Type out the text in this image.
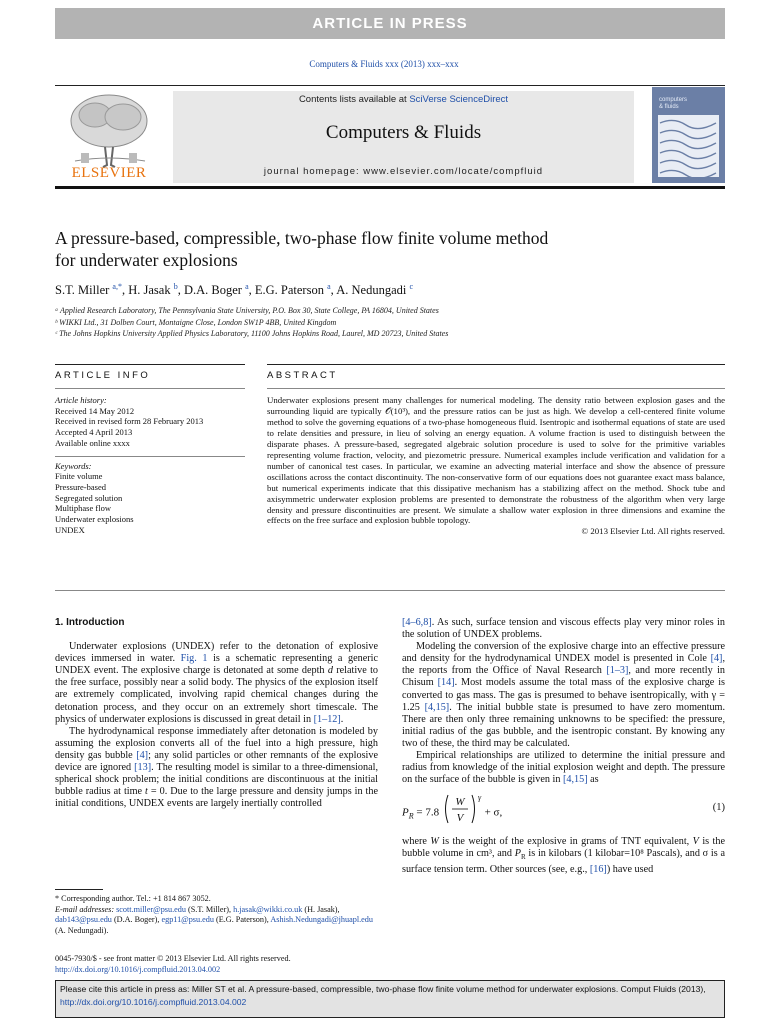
ARTICLE IN PRESS
Computers & Fluids xxx (2013) xxx–xxx
ELSEVIER
Contents lists available at SciVerse ScienceDirect
Computers & Fluids
journal homepage: www.elsevier.com/locate/compfluid
computers
& fluids
A pressure-based, compressible, two-phase flow finite volume method
for underwater explosions
S.T. Miller $^{a,*}$, H. Jasak $^b$, D.A. Boger $^a$, E.G. Paterson $^a$, A. Nedungadi $^c$
ᵃ Applied Research Laboratory, The Pennsylvania State University, P.O. Box 30, State College, PA 16804, United States
ᵇ WIKKI Ltd., 31 Dolben Court, Montaigne Close, London SW1P 4BB, United Kingdom
ᶜ The Johns Hopkins University Applied Physics Laboratory, 11100 Johns Hopkins Road, Laurel, MD 20723, United States
ARTICLE INFO	ABSTRACT
Article history:
Received 14 May 2012
Received in revised form 28 February 2013
Accepted 4 April 2013
Available online xxxx
Keywords:
Finite volume
Pressure-based
Segregated solution
Multiphase flow
Underwater explosions
UNDEX
Underwater explosions present many challenges for numerical modeling. The density ratio between explosion gases and the surrounding liquid are typically 𝒪(10³), and the pressure ratios can be just as high. We develop a cell-centered finite volume method to solve the governing equations of a two-phase homogeneous fluid. Isentropic and isothermal equations of state are used to relate densities and pressure, in lieu of solving an energy equation. A volume fraction is used to distinguish between the disparate phases. A pressure-based, segregated algebraic solution procedure is used to solve for the primitive variables representing volume fraction, velocity, and piezometric pressure. Numerical examples include verification and validation for a number of canonical test cases. In particular, we examine an advecting material interface and show the absence of pressure oscillations across the contact discontinuity. The non-conservative form of our equations does not guarantee exact mass balance, but numerical experiments indicate that this dissipative mechanism has a stabilizing affect on the method. Shock tube and axisymmetric underwater explosion problems are presented to demonstrate the robustness of the algorithm when very large density and pressure discontinuities are present. We simulate a shallow water explosion in three dimensions and examine the effects on the free surface and explosion bubble topology.
© 2013 Elsevier Ltd. All rights reserved.

1. Introduction

Underwater explosions (UNDEX) refer to the detonation of explosive devices immersed in water. Fig. 1 is a schematic representing a generic UNDEX event. The explosive charge is detonated at some depth d relative to the free surface, possibly near a solid body. The physics of the explosion itself are extremely complicated, involving rapid chemical changes during the detonation process, and they occur on an extremely short timescale. The physics of underwater explosions is discussed in great detail in [1–12].

The hydrodynamical response immediately after detonation is modeled by assuming the explosion converts all of the fuel into a high pressure, high density gas bubble [4]; any solid particles or other remnants of the explosive device are ignored [13]. The resulting model is similar to a three-dimensional, spherical shock problem; the initial conditions are discontinuous at the initial bubble radius at time t = 0. Due to the large pressure and density jumps in the initial conditions, UNDEX events are largely inertially controlled

[4–6,8]. As such, surface tension and viscous effects play very minor roles in the solution of UNDEX problems.

Modeling the conversion of the explosive charge into an effective pressure and density for the hydrodynamical UNDEX model is presented in Cole [4], the reports from the Office of Naval Research [1–3], and more recently in Chisum [14]. Most models assume the total mass of the explosive charge is converted to gas mass. The gas is presumed to behave isentropically, with γ = 1.25 [4,15]. The initial bubble state is presumed to have zero momentum. There are then only three remaining unknowns to be specified: the pressure, initial radius of the gas bubble, and the isentropic constant. By knowing any two of these, the third may be calculated.

Empirical relationships are utilized to determine the initial pressure and radius from knowledge of the initial explosion weight and depth. The pressure on the surface of the bubble is given in [4,15] as

$P_R = 7.8$
W
V
γ
+ σ,	(1)
where W is the weight of the explosive in grams of TNT equivalent, V is the bubble volume in cm³, and $P_R$ is in kilobars (1 kilobar=10⁸ Pascals), and σ is a surface tension term. Other sources (see, e.g., [16]) have used
* Corresponding author. Tel.: +1 814 867 3052.
E-mail addresses: scott.miller@psu.edu (S.T. Miller), h.jasak@wikki.co.uk (H. Jasak), dab143@psu.edu (D.A. Boger), egp11@psu.edu (E.G. Paterson), Ashish.Nedungadi@jhuapl.edu (A. Nedungadi).
0045-7930/$ - see front matter © 2013 Elsevier Ltd. All rights reserved.
http://dx.doi.org/10.1016/j.compfluid.2013.04.002
Please cite this article in press as: Miller ST et al. A pressure-based, compressible, two-phase flow finite volume method for underwater explosions. Comput Fluids (2013), http://dx.doi.org/10.1016/j.compfluid.2013.04.002
